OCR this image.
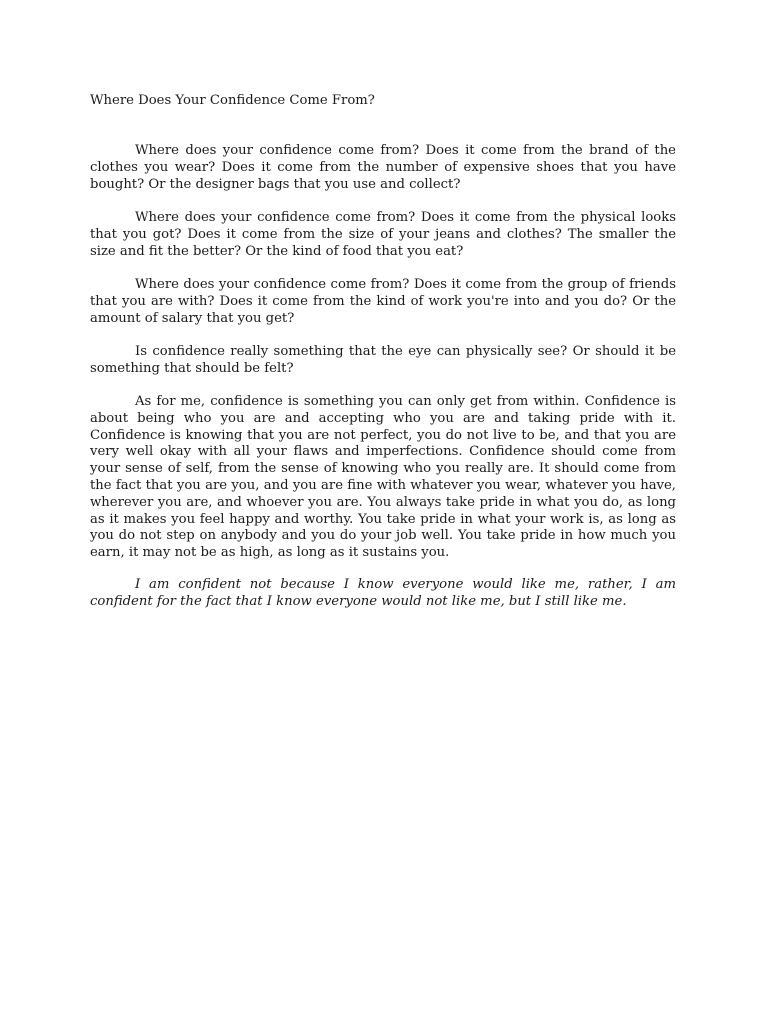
Where Does Your Confidence Come From?

Where does your confidence come from? Does it come from the brand of the clothes you wear? Does it come from the number of expensive shoes that you have bought? Or the designer bags that you use and collect?

Where does your confidence come from? Does it come from the physical looks that you got? Does it come from the size of your jeans and clothes? The smaller the size and fit the better? Or the kind of food that you eat?

Where does your confidence come from? Does it come from the group of friends that you are with? Does it come from the kind of work you're into and you do? Or the amount of salary that you get?

Is confidence really something that the eye can physically see? Or should it be something that should be felt?

As for me, confidence is something you can only get from within. Confidence is about being who you are and accepting who you are and taking pride with it. Confidence is knowing that you are not perfect, you do not live to be, and that you are very well okay with all your flaws and imperfections. Confidence should come from your sense of self, from the sense of knowing who you really are. It should come from the fact that you are you, and you are fine with whatever you wear, whatever you have, wherever you are, and whoever you are. You always take pride in what you do, as long as it makes you feel happy and worthy. You take pride in what your work is, as long as you do not step on anybody and you do your job well. You take pride in how much you earn, it may not be as high, as long as it sustains you.

I am confident not because I know everyone would like me, rather, I am confident for the fact that I know everyone would not like me, but I still like me.
